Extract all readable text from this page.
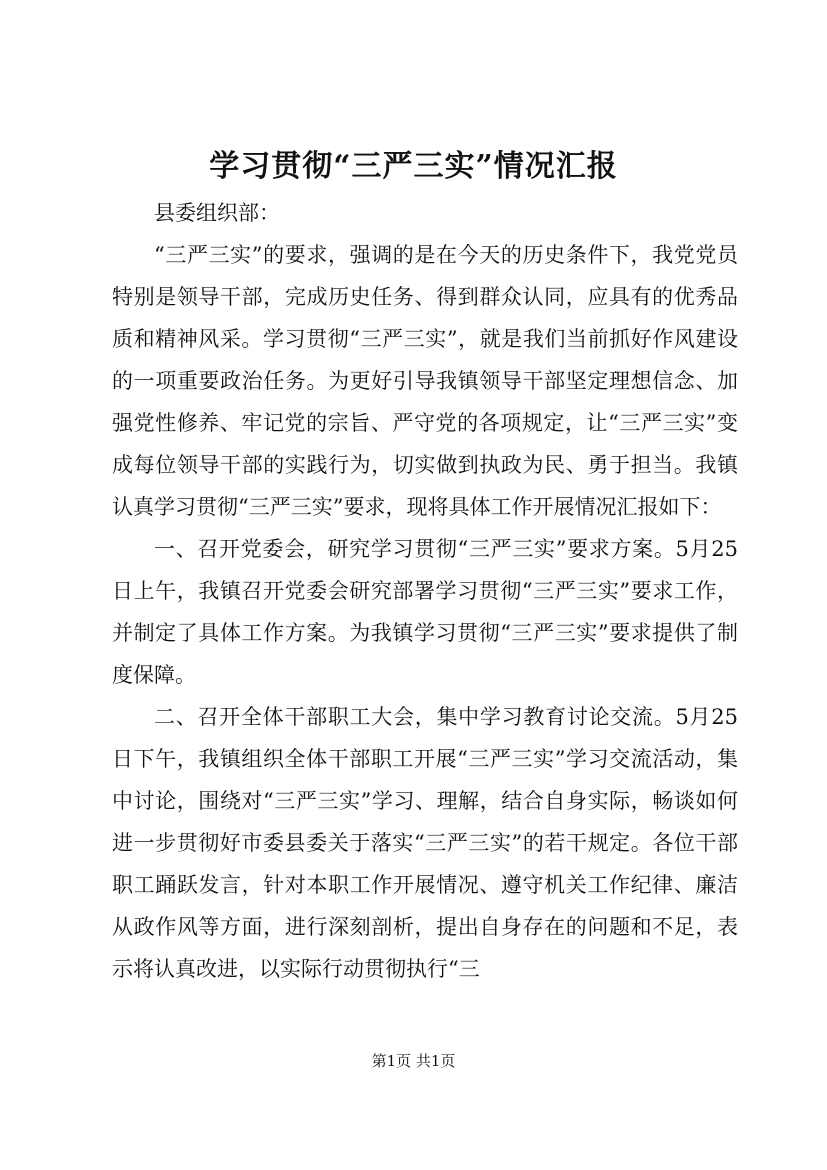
学习贯彻“三严三实”情况汇报

县委组织部：

“三严三实”的要求，强调的是在今天的历史条件下，我党党员特别是领导干部，完成历史任务、得到群众认同，应具有的优秀品质和精神风采。学习贯彻“三严三实”，就是我们当前抓好作风建设的一项重要政治任务。为更好引导我镇领导干部坚定理想信念、加强党性修养、牢记党的宗旨、严守党的各项规定，让“三严三实”变成每位领导干部的实践行为，切实做到执政为民、勇于担当。我镇认真学习贯彻“三严三实”要求，现将具体工作开展情况汇报如下：

一、召开党委会，研究学习贯彻“三严三实”要求方案。5月25日上午，我镇召开党委会研究部署学习贯彻“三严三实”要求工作，并制定了具体工作方案。为我镇学习贯彻“三严三实”要求提供了制度保障。

二、召开全体干部职工大会，集中学习教育讨论交流。5月25日下午，我镇组织全体干部职工开展“三严三实”学习交流活动，集中讨论，围绕对“三严三实”学习、理解，结合自身实际，畅谈如何进一步贯彻好市委县委关于落实“三严三实”的若干规定。各位干部职工踊跃发言，针对本职工作开展情况、遵守机关工作纪律、廉洁从政作风等方面，进行深刻剖析，提出自身存在的问题和不足，表示将认真改进，以实际行动贯彻执行“三

第1页 共1页
